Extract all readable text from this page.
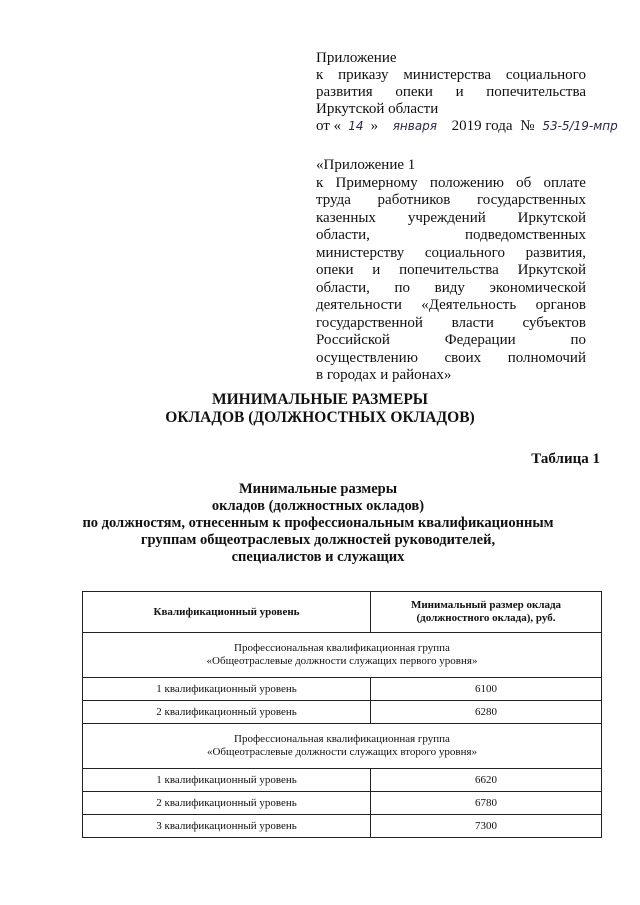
Приложение
к приказу министерства социального
развития опеки и попечительства
Иркутской области
от « 14 » января 2019 года № 53-5/19-мпр
«Приложение 1
к Примерному положению об оплате
труда работников государственных
казенных учреждений Иркутской
области,	подведомственных
министерству социального развития,
опеки и попечительства Иркутской
области, по виду экономической
деятельности «Деятельность органов
государственной власти субъектов
Российской	Федерации	по
осуществлению своих полномочий
в городах и районах»
МИНИМАЛЬНЫЕ РАЗМЕРЫ
ОКЛАДОВ (ДОЛЖНОСТНЫХ ОКЛАДОВ)
Таблица 1
Минимальные размеры
окладов (должностных окладов)
по должностям, отнесенным к профессиональным квалификационным
группам общеотраслевых должностей руководителей,
специалистов и служащих
Квалификационный уровень	Минимальный размер оклада
(должностного оклада), руб.

Профессиональная квалификационная группа
«Общеотраслевые должности служащих первого уровня»	

1 квалификационный уровень	6100
2 квалификационный уровень	6280

Профессиональная квалификационная группа
«Общеотраслевые должности служащих второго уровня»	

1 квалификационный уровень	6620
2 квалификационный уровень	6780
3 квалификационный уровень	7300
